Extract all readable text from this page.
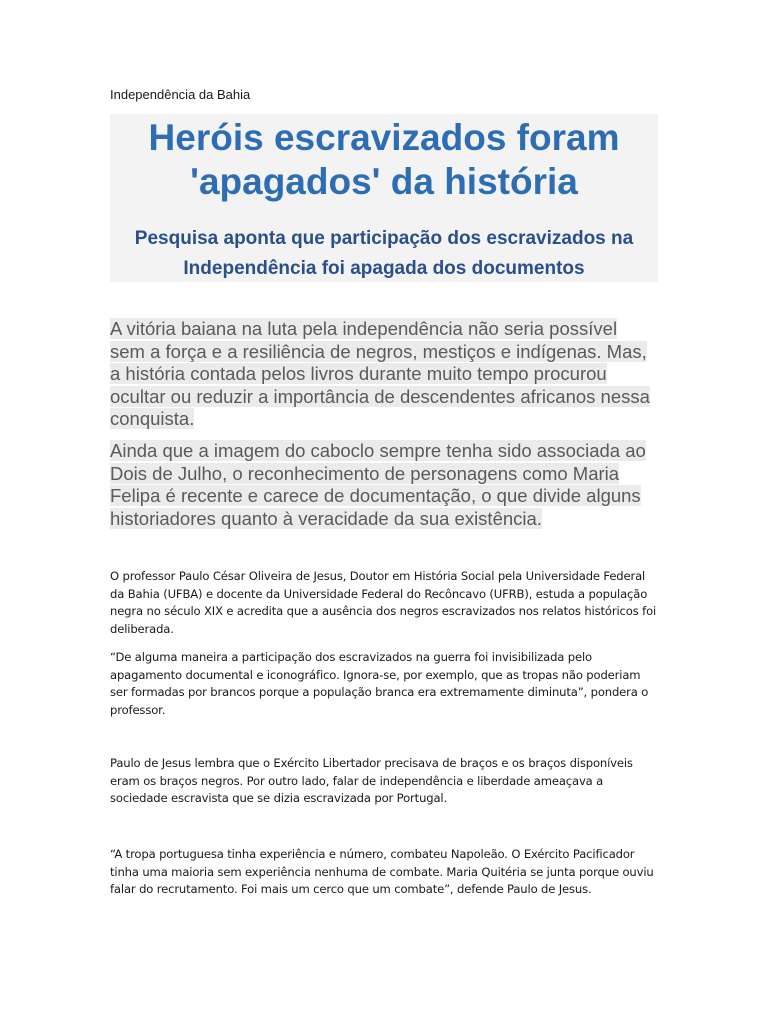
Independência da Bahia
Heróis escravizados foram 'apagados' da história
Pesquisa aponta que participação dos escravizados na Independência foi apagada dos documentos
A vitória baiana na luta pela independência não seria possível sem a força e a resiliência de negros, mestiços e indígenas. Mas, a história contada pelos livros durante muito tempo procurou ocultar ou reduzir a importância de descendentes africanos nessa conquista.
Ainda que a imagem do caboclo sempre tenha sido associada ao Dois de Julho, o reconhecimento de personagens como Maria Felipa é recente e carece de documentação, o que divide alguns historiadores quanto à veracidade da sua existência.

O professor Paulo César Oliveira de Jesus, Doutor em História Social pela Universidade Federal da Bahia (UFBA) e docente da Universidade Federal do Recôncavo (UFRB), estuda a população negra no século XIX e acredita que a ausência dos negros escravizados nos relatos históricos foi deliberada.

“De alguma maneira a participação dos escravizados na guerra foi invisibilizada pelo apagamento documental e iconográfico. Ignora-se, por exemplo, que as tropas não poderiam ser formadas por brancos porque a população branca era extremamente diminuta”, pondera o professor.

Paulo de Jesus lembra que o Exército Libertador precisava de braços e os braços disponíveis eram os braços negros. Por outro lado, falar de independência e liberdade ameaçava a sociedade escravista que se dizia escravizada por Portugal.

“A tropa portuguesa tinha experiência e número, combateu Napoleão. O Exército Pacificador tinha uma maioria sem experiência nenhuma de combate. Maria Quitéria se junta porque ouviu falar do recrutamento. Foi mais um cerco que um combate”, defende Paulo de Jesus.
